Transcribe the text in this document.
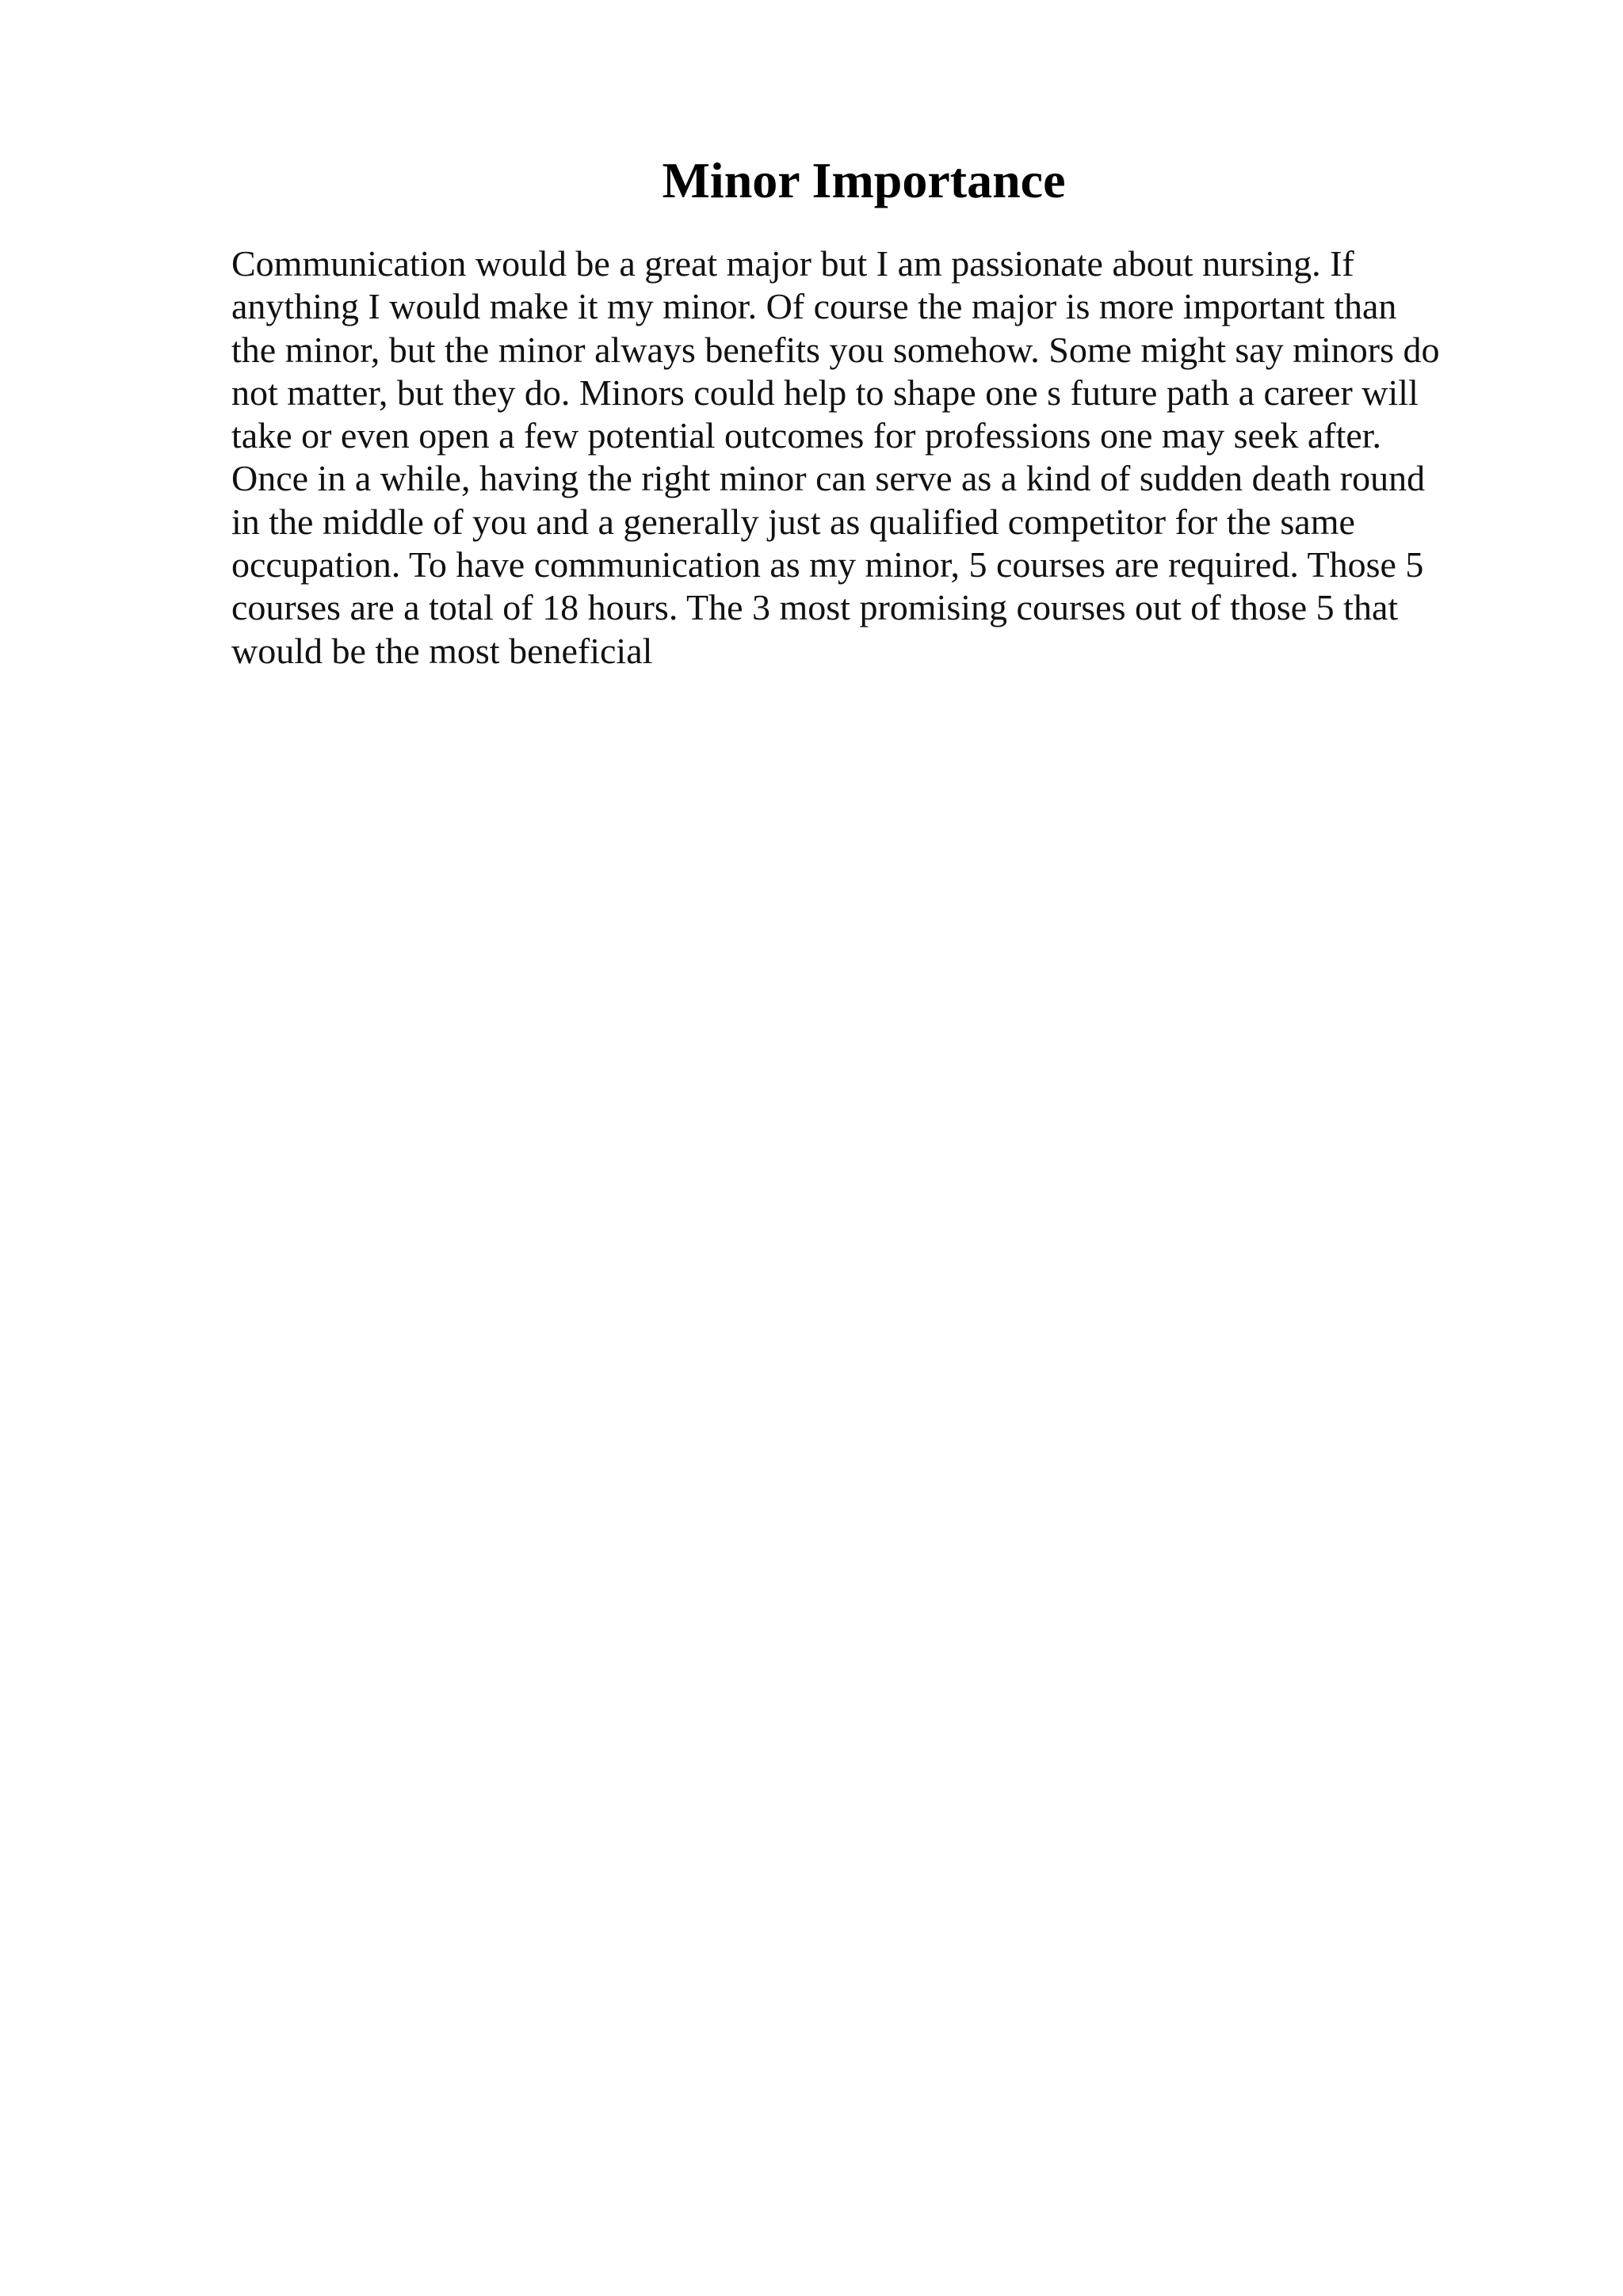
Minor Importance

Communication would be a great major but I am passionate about nursing. If
anything I would make it my minor. Of course the major is more important than
the minor, but the minor always benefits you somehow. Some might say minors do
not matter, but they do. Minors could help to shape one s future path a career will
take or even open a few potential outcomes for professions one may seek after.
Once in a while, having the right minor can serve as a kind of sudden death round
in the middle of you and a generally just as qualified competitor for the same
occupation. To have communication as my minor, 5 courses are required. Those 5
courses are a total of 18 hours. The 3 most promising courses out of those 5 that
would be the most beneficial
